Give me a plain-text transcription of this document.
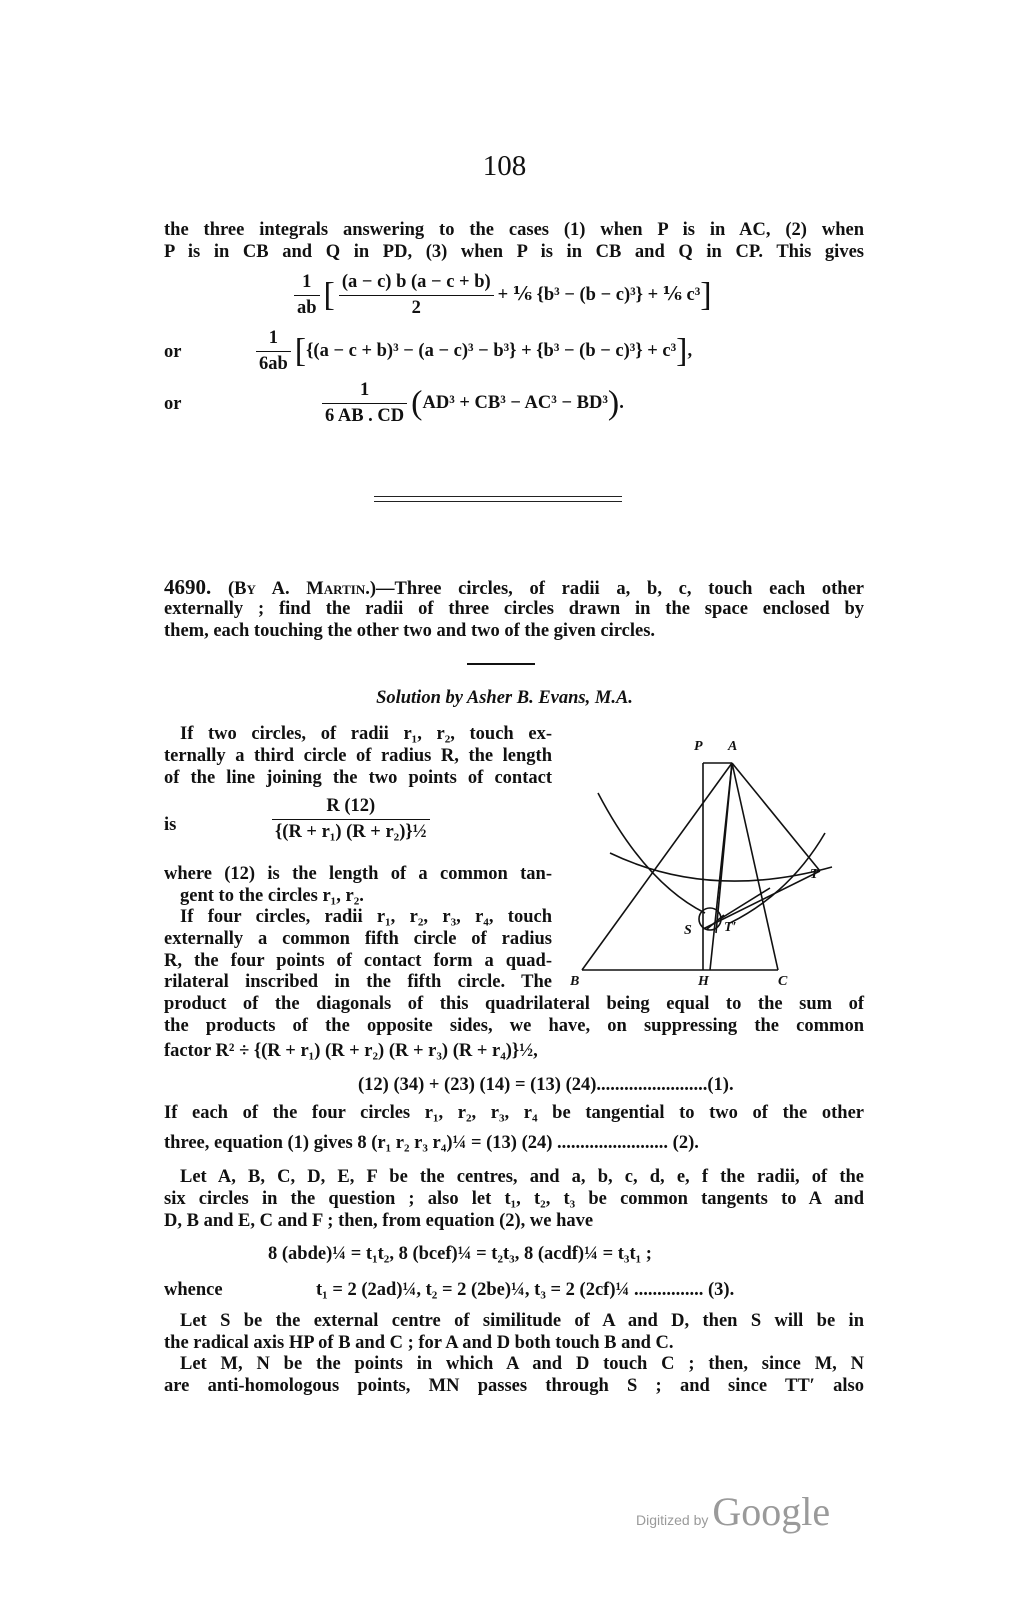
108
the three integrals answering to the cases (1) when P is in AC, (2) when
P is in CB and Q in PD, (3) when P is in CB and Q in CP. This gives
$\frac{1}{ab}$ [ $\frac{(a - c) b (a - c + b)}{2}$ + ⅙ {b³ − (b − c)³} + ⅙ c³]
or	$\frac{1}{6ab} [\{(a - c + b)^3 - (a - c)^3 - b^3\} + \{b^3 - (b - c)^3\} + c^3]$,
or	$\frac{1}{6 AB . CD} (AD^3 + CB^3 - AC^3 - BD^3)$.
4690. (By A. Martin.)—Three circles, of radii a, b, c, touch each other
externally ; find the radii of three circles drawn in the space enclosed by
them, each touching the other two and two of the given circles.
Solution by Asher B. Evans, M.A.
If two circles, of radii r₁, r₂, touch ex-
ternally a third circle of radius R, the length
of the line joining the two points of contact
is	$\frac{R (12)}{\text{\{(R + r₁) (R + r₂)\}½}}$
where (12) is the length of a common tan-
gent to the circles r₁, r₂.
If four circles, radii r₁, r₂, r₃, r₄, touch
externally a common fifth circle of radius
R, the four points of contact form a quad-
rilateral inscribed in the fifth circle. The
P A
T
S T′
B	H	C
product of the diagonals of this quadrilateral being equal to the sum of
the products of the opposite sides, we have, on suppressing the common
factor R² ÷ {(R + r₁) (R + r₂) (R + r₃) (R + r₄)}½,
(12) (34) + (23) (14) = (13) (24)........................(1).
If each of the four circles r₁, r₂, r₃, r₄ be tangential to two of the other
three, equation (1) gives 8 (r₁ r₂ r₃ r₄)¼ = (13) (24) ........................ (2).
Let A, B, C, D, E, F be the centres, and a, b, c, d, e, f the radii, of the
six circles in the question ; also let t₁, t₂, t₃ be common tangents to A and
D, B and E, C and F ; then, from equation (2), we have
8 (abde)¼ = t₁t₂, 8 (bcef)¼ = t₂t₃, 8 (acdf)¼ = t₃t₁ ;
whence	t₁ = 2 (2ad)¼, t₂ = 2 (2be)¼, t₃ = 2 (2cf)¼ ............... (3).
Let S be the external centre of similitude of A and D, then S will be in
the radical axis HP of B and C ; for A and D both touch B and C.
Let M, N be the points in which A and D touch C ; then, since M, N
are anti-homologous points, MN passes through S ; and since TT′ also
Digitized by Google
